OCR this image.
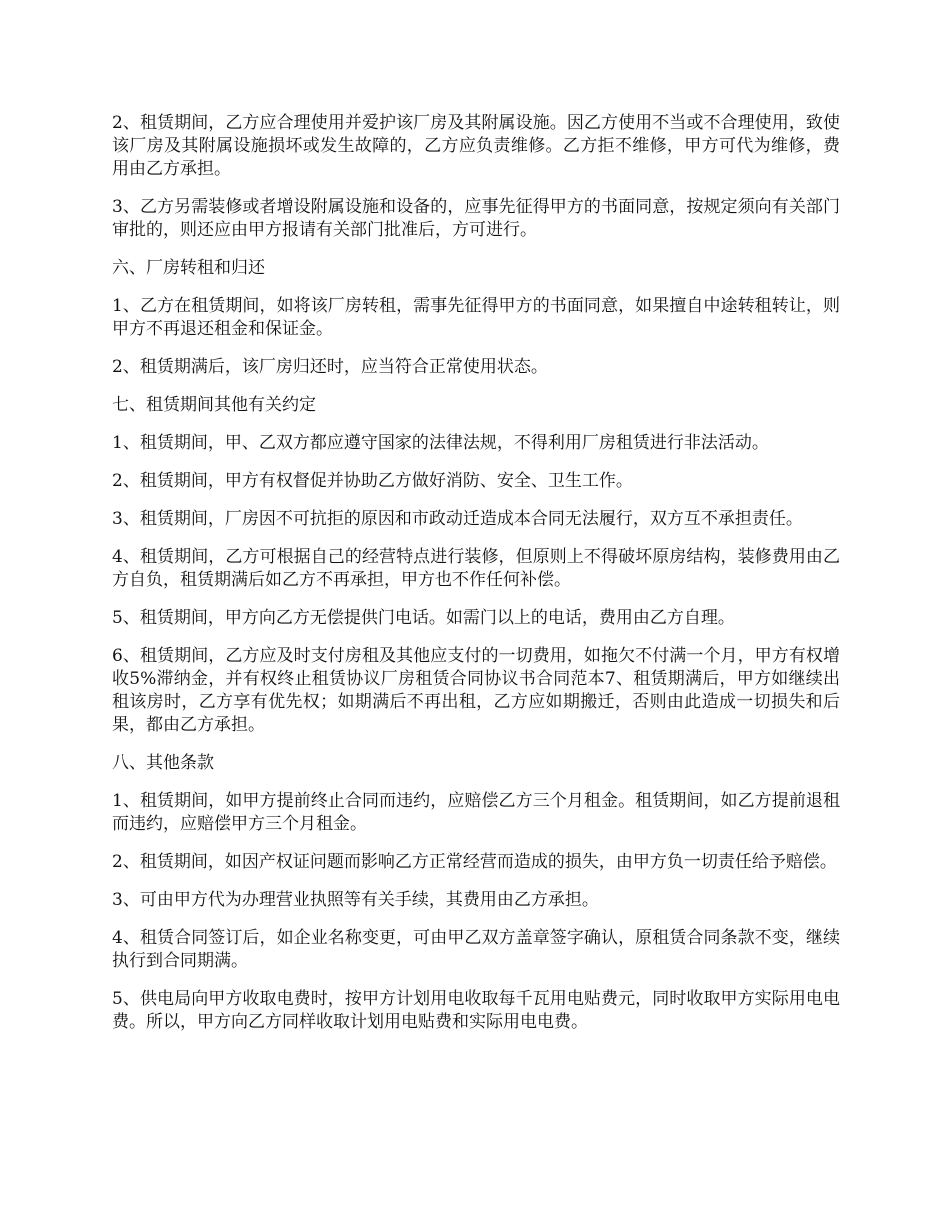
2、租赁期间，乙方应合理使用并爱护该厂房及其附属设施。因乙方使用不当或不合理使用，致使该厂房及其附属设施损坏或发生故障的，乙方应负责维修。乙方拒不维修，甲方可代为维修，费用由乙方承担。

3、乙方另需装修或者增设附属设施和设备的，应事先征得甲方的书面同意，按规定须向有关部门审批的，则还应由甲方报请有关部门批准后，方可进行。

六、厂房转租和归还

1、乙方在租赁期间，如将该厂房转租，需事先征得甲方的书面同意，如果擅自中途转租转让，则甲方不再退还租金和保证金。

2、租赁期满后，该厂房归还时，应当符合正常使用状态。

七、租赁期间其他有关约定

1、租赁期间，甲、乙双方都应遵守国家的法律法规，不得利用厂房租赁进行非法活动。

2、租赁期间，甲方有权督促并协助乙方做好消防、安全、卫生工作。

3、租赁期间，厂房因不可抗拒的原因和市政动迁造成本合同无法履行，双方互不承担责任。

4、租赁期间，乙方可根据自己的经营特点进行装修，但原则上不得破坏原房结构，装修费用由乙方自负，租赁期满后如乙方不再承担，甲方也不作任何补偿。

5、租赁期间，甲方向乙方无偿提供门电话。如需门以上的电话，费用由乙方自理。

6、租赁期间，乙方应及时支付房租及其他应支付的一切费用，如拖欠不付满一个月，甲方有权增收5%滞纳金，并有权终止租赁协议厂房租赁合同协议书合同范本7、租赁期满后，甲方如继续出租该房时，乙方享有优先权；如期满后不再出租，乙方应如期搬迁，否则由此造成一切损失和后果，都由乙方承担。

八、其他条款

1、租赁期间，如甲方提前终止合同而违约，应赔偿乙方三个月租金。租赁期间，如乙方提前退租而违约，应赔偿甲方三个月租金。

2、租赁期间，如因产权证问题而影响乙方正常经营而造成的损失，由甲方负一切责任给予赔偿。

3、可由甲方代为办理营业执照等有关手续，其费用由乙方承担。

4、租赁合同签订后，如企业名称变更，可由甲乙双方盖章签字确认，原租赁合同条款不变，继续执行到合同期满。

5、供电局向甲方收取电费时，按甲方计划用电收取每千瓦用电贴费元，同时收取甲方实际用电电费。所以，甲方向乙方同样收取计划用电贴费和实际用电电费。
